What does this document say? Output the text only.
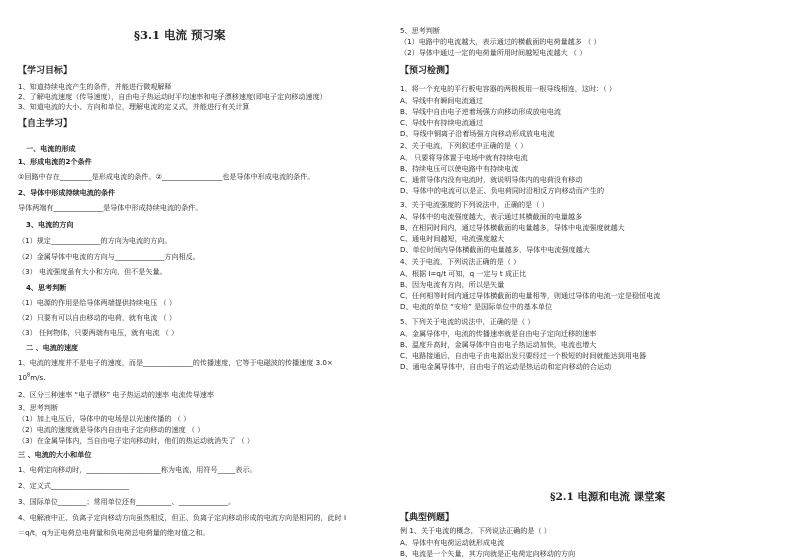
§3.1 电流 预习案
【学习目标】
1、知道持续电流产生的条件，并能进行微观解释
2、了解电流速度（传导速度），自由电子热运动时平均速率和电子漂移速度(即电子定向移动速度）
3、知道电流的大小、方向和单位，理解电流的定义式，并能进行有关计算
【自主学习】
一、电流的形成
1、形成电流的2个条件
①回路中存在_________是形成电流的条件。②_________________也是导体中形成电流的条件。
2、导体中形成持续电流的条件
导体两端有______________是导体中形成持续电流的条件。
3、电流的方向
（1）规定______________的方向为电流的方向。
（2）金属导体中电流的方向与______________方向相反。
（3） 电流强度虽有大小和方向，但不是矢量。
4、思考判断
（1）电源的作用是给导体两端提供持续电压 （ ）
（2）只要有可以自由移动的电荷，就有电流 （ ）
（3） 任何物体，只要两端有电压，就有电流 （ ）
二 、电流的速度
1、电流的速度并不是电子的速度，而是______________的传播速度，它等于电磁波的传播速度 3.0×
$10^8m/s$.
2、区分三种速率 “电子漂移” 电子热运动的速率 电流传导速率
3、思考判断
（1）加上电压后，导体中的电场是以光速传播的 （ ）
（2）电流的速度就是导体内自由电子定向移动的速度 （ ）
（3）在金属导体内，当自由电子定向移动时，他们的热运动就消失了 （ ）
三 、电流的大小和单位
1、电荷定向移动时，_____________________称为电流，用符号_____表示。
2、定义式______________________
3、国际单位________；常用单位还有__________、______________。
4、电解液中正、负离子定向移动方向虽然相反，但正、负离子定向移动形成的电流方向是相同的，此时 I
＝q/t，q为正电荷总电荷量和负电荷总电荷量的绝对值之和。
5、思考判断
（1）电路中的电流越大，表示通过的横截面的电荷量越多 （ ）
（2）导体中通过一定的电荷量所用时间越短电流越大 （ ）
【预习检测】
1、将一个充电的平行板电容器的两极板用一根导线相连，这时：（ ）
A、导线中有瞬间电流通过
B、导线中自由电子逆着场强方向移动形成放电电流
C、导线中有持续电流通过
D、导线中铜离子沿着场强方向移动形成放电电流
2、关于电流，下列叙述中正确的是（ ）
A、 只要将导体置于电场中就有持续电流
B、持续电压可以使电路中有持续电流
C、通常导体内没有电流时，就说明导体内的电荷没有移动
D、导体中的电流可以是正、负电荷同时沿相反方向移动而产生的
3、关于电流强度的下列说法中，正确的是（ ）
A、导体中的电流强度越大，表示通过其横截面的电量越多
B、在相同时间内，通过导体横截面的电量越多，导体中电流强度就越大
C、通电时间越短，电流强度越大
D、单位时间内导体横截面的电量越多，导体中电流强度越大
4、关于电流，下列说法正确的是（ ）
A、根据 I=q/t 可知，q 一定与 t 成正比
B、因为电流有方向，所以是矢量
C、任何相等时间内通过导体横截面的电量相等，则通过导体的电流一定是稳恒电流
D、电流的单位 “安培” 是国际单位中的基本单位
5、下列关于电流的说法中，正确的是（ ）
A、金属导体中，电流的传播速率就是自由电子定向迁移的速率
B、温度升高时，金属导体中自由电子热运动加快，电流也增大
C、电路接通后，自由电子由电源出发只要经过一个极短的时间就能达到用电器
D、通电金属导体中，自由电子的运动是热运动和定向移动的合运动
§2.1 电源和电流 课堂案
【典型例题】
例 1、关于电流的概念，下列说法正确的是（ ）
A、导体中有电荷运动就形成电流
B、电流是一个矢量，其方向就是正电荷定向移动的方向
